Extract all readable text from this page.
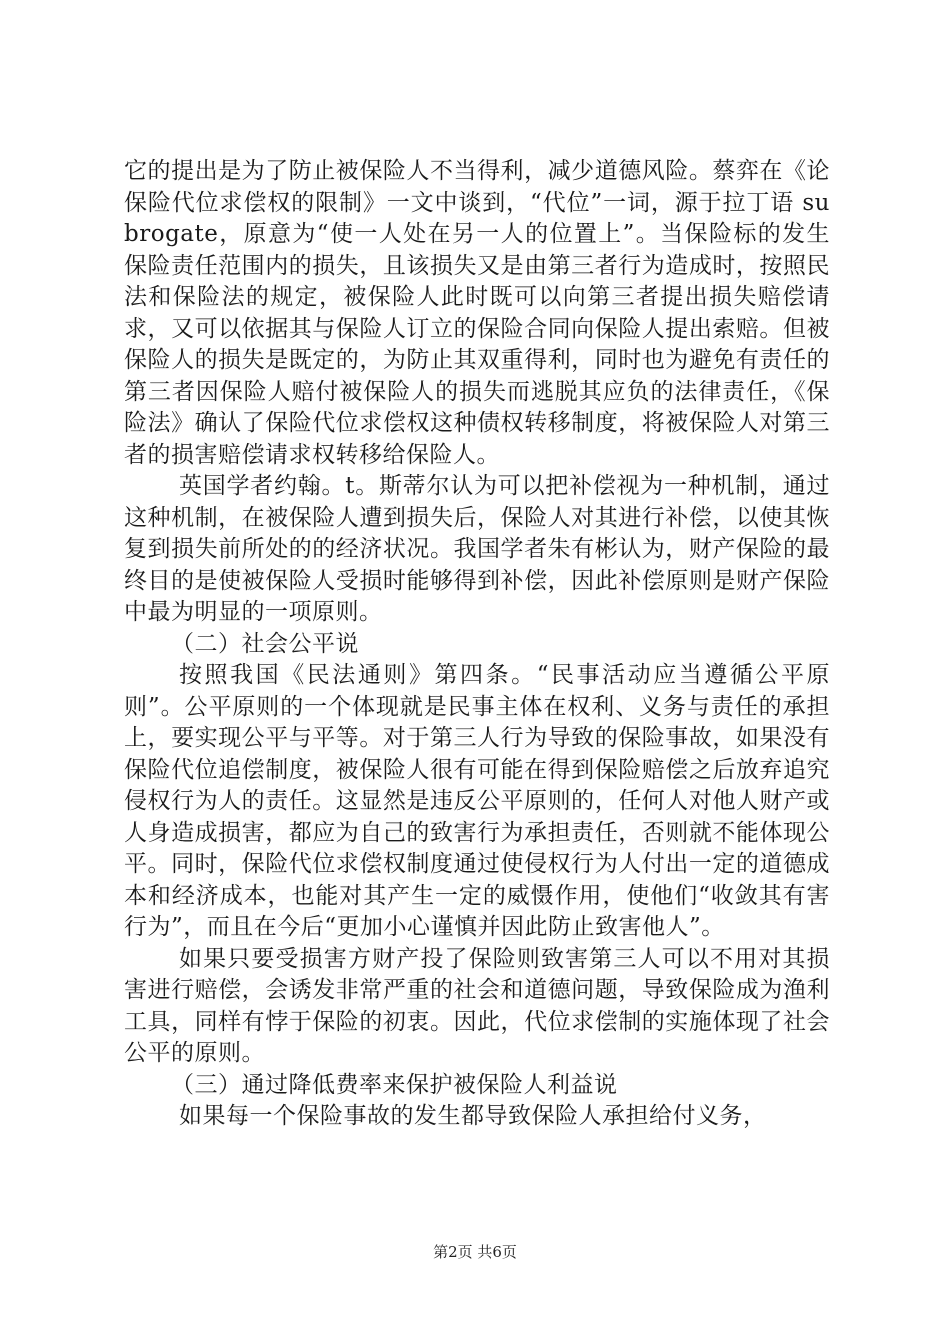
它的提出是为了防止被保险人不当得利，减少道德风险。蔡弈在《论保险代位求偿权的限制》一文中谈到，“代位”一词，源于拉丁语 subrogate，原意为“使一人处在另一人的位置上”。当保险标的发生保险责任范围内的损失，且该损失又是由第三者行为造成时，按照民法和保险法的规定，被保险人此时既可以向第三者提出损失赔偿请求，又可以依据其与保险人订立的保险合同向保险人提出索赔。但被保险人的损失是既定的，为防止其双重得利，同时也为避免有责任的第三者因保险人赔付被保险人的损失而逃脱其应负的法律责任，《保险法》确认了保险代位求偿权这种债权转移制度，将被保险人对第三者的损害赔偿请求权转移给保险人。

英国学者约翰。t。斯蒂尔认为可以把补偿视为一种机制，通过这种机制，在被保险人遭到损失后，保险人对其进行补偿，以使其恢复到损失前所处的的经济状况。我国学者朱有彬认为，财产保险的最终目的是使被保险人受损时能够得到补偿，因此补偿原则是财产保险中最为明显的一项原则。

（二）社会公平说

按照我国《民法通则》第四条。“民事活动应当遵循公平原则”。公平原则的一个体现就是民事主体在权利、义务与责任的承担上，要实现公平与平等。对于第三人行为导致的保险事故，如果没有保险代位追偿制度，被保险人很有可能在得到保险赔偿之后放弃追究侵权行为人的责任。这显然是违反公平原则的，任何人对他人财产或人身造成损害，都应为自己的致害行为承担责任，否则就不能体现公平。同时，保险代位求偿权制度通过使侵权行为人付出一定的道德成本和经济成本，也能对其产生一定的威慑作用，使他们“收敛其有害行为”，而且在今后“更加小心谨慎并因此防止致害他人”。

如果只要受损害方财产投了保险则致害第三人可以不用对其损害进行赔偿，会诱发非常严重的社会和道德问题，导致保险成为渔利工具，同样有悖于保险的初衷。因此，代位求偿制的实施体现了社会公平的原则。

（三）通过降低费率来保护被保险人利益说

如果每一个保险事故的发生都导致保险人承担给付义务，

第2页 共6页
